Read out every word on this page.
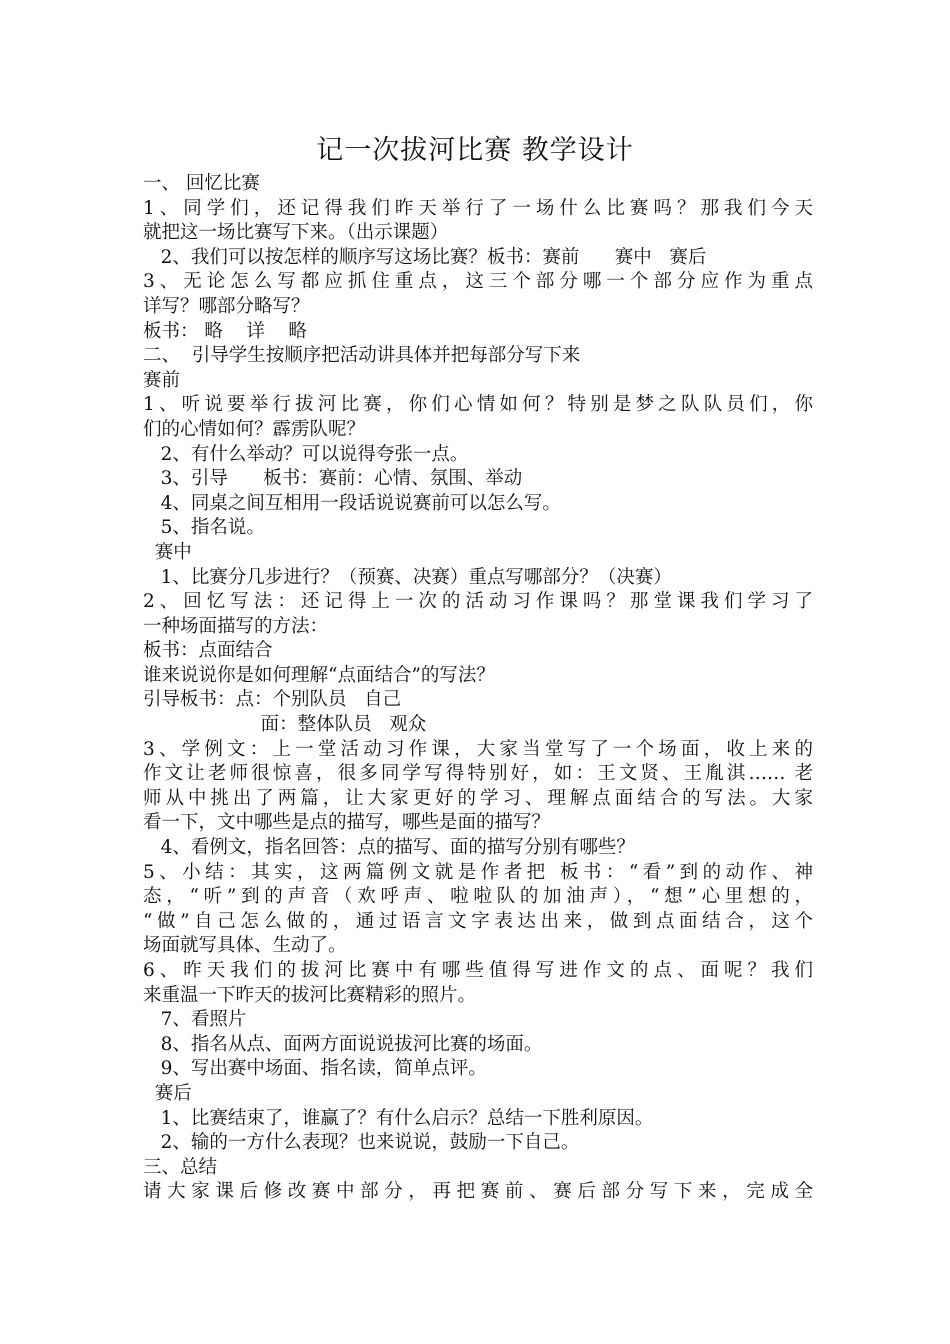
记一次拔河比赛 教学设计
一、 回忆比赛
1、同学们，还记得我们昨天举行了一场什么比赛吗？那我们今天
就把这一场比赛写下来。（出示课题）
2、我们可以按怎样的顺序写这场比赛？板书：赛前      赛中   赛后
3、无论怎么写都应抓住重点，这三个部分哪一个部分应作为重点
详写？哪部分略写？
板书： 略    详    略
二、  引导学生按顺序把活动讲具体并把每部分写下来
赛前
1、听说要举行拔河比赛，你们心情如何？特别是梦之队队员们，你
们的心情如何？霹雳队呢？
2、有什么举动？可以说得夸张一点。
3、引导      板书：赛前：心情、氛围、举动
4、同桌之间互相用一段话说说赛前可以怎么写。
5、指名说。
赛中
1、比赛分几步进行？（预赛、决赛）重点写哪部分？（决赛）
2、回忆写法：还记得上一次的活动习作课吗？那堂课我们学习了
一种场面描写的方法：
板书：点面结合
谁来说说你是如何理解“点面结合”的写法？
引导板书：点：个别队员   自己
面：整体队员   观众
3、学例文：上一堂活动习作课，大家当堂写了一个场面，收上来的
作文让老师很惊喜，很多同学写得特别好，如：王文贤、王胤淇…… 老
师从中挑出了两篇，让大家更好的学习、理解点面结合的写法。大家
看一下，文中哪些是点的描写，哪些是面的描写？
4、看例文，指名回答：点的描写、面的描写分别有哪些？
5、小结：其实，这两篇例文就是作者把 板书：“看”到的动作、神
态，“听”到的声音（欢呼声、啦啦队的加油声），“想”心里想的，
“做”自己怎么做的，通过语言文字表达出来，做到点面结合，这个
场面就写具体、生动了。
6、昨天我们的拔河比赛中有哪些值得写进作文的点、面呢？我们
来重温一下昨天的拔河比赛精彩的照片。
7、看照片
8、指名从点、面两方面说说拔河比赛的场面。
9、写出赛中场面、指名读，简单点评。
赛后
1、比赛结束了，谁赢了？有什么启示？总结一下胜利原因。
2、输的一方什么表现？也来说说，鼓励一下自己。
三、总结
请大家课后修改赛中部分，再把赛前、赛后部分写下来，完成全
